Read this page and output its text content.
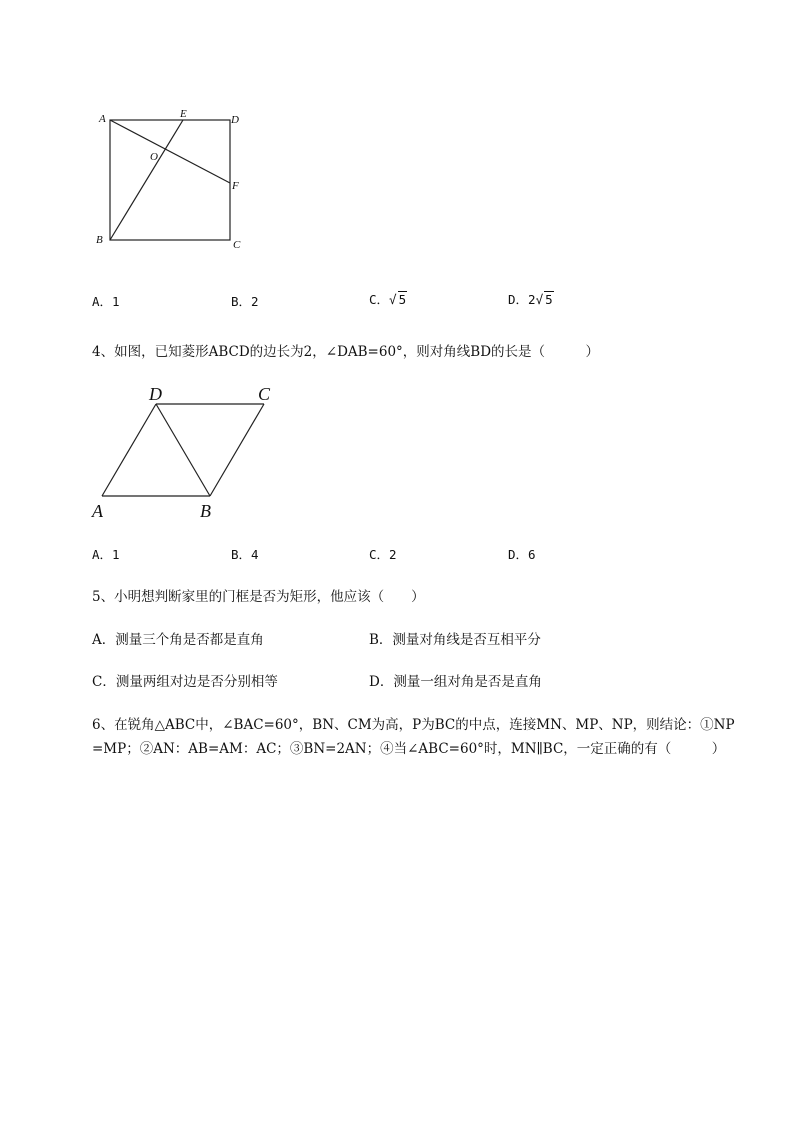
A	E	D
O
F
B	C
A．1	B．2	C．√ 5	D．2√ 5
4、如图，已知菱形ABCD的边长为2，∠DAB=60°，则对角线BD的长是（　　　）
D	C
A	B
A．1	B．4	C．2	D．6
5、小明想判断家里的门框是否为矩形，他应该（　　）
A．测量三个角是否都是直角	B．测量对角线是否互相平分
C．测量两组对边是否分别相等	D．测量一组对角是否是直角
6、在锐角△ABC中，∠BAC=60°，BN、CM为高，P为BC的中点，连接MN、MP、NP，则结论：①NP
=MP；②AN：AB=AM：AC；③BN=2AN；④当∠ABC=60°时，MN∥BC，一定正确的有（　　　）
